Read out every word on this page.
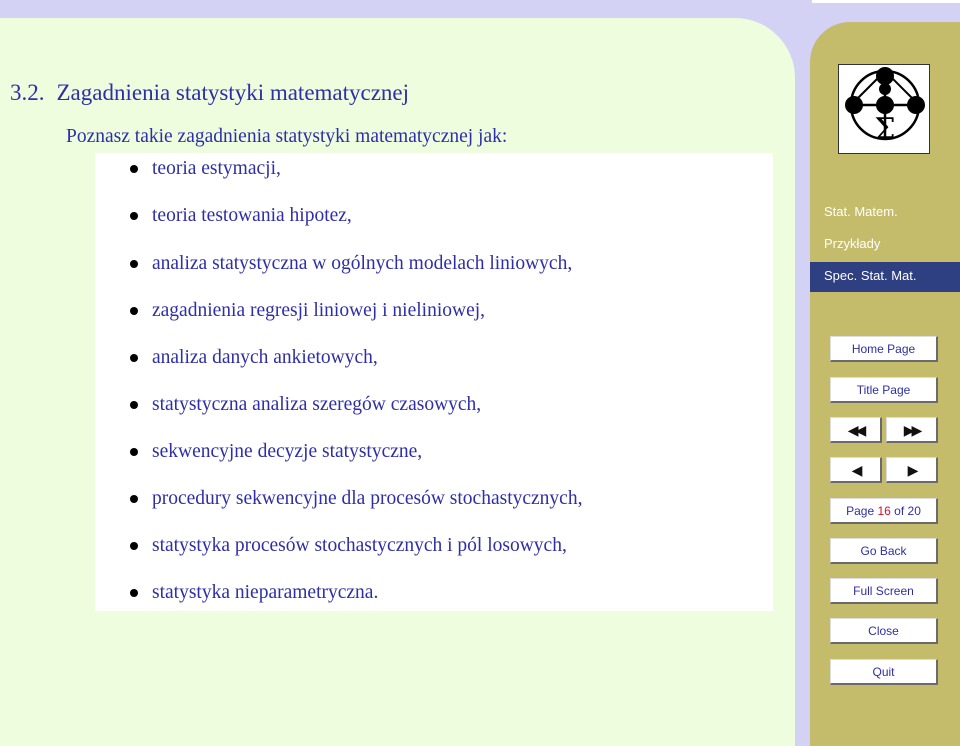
3.2. Zagadnienia statystyki matematycznej
Poznasz takie zagadnienia statystyki matematycznej jak:
teoria estymacji,
teoria testowania hipotez,
analiza statystyczna w ogólnych modelach liniowych,
zagadnienia regresji liniowej i nieliniowej,
analiza danych ankietowych,
statystyczna analiza szeregów czasowych,
sekwencyjne decyzje statystyczne,
procedury sekwencyjne dla procesów stochastycznych,
statystyka procesów stochastycznych i pól losowych,
statystyka nieparametryczna.
Σ
Stat. Matem.
Przykłady
Spec. Stat. Mat.
Home Page
Title Page
◀◀	▶▶
◀	▶
Page 16 of 20
Go Back
Full Screen
Close
Quit
